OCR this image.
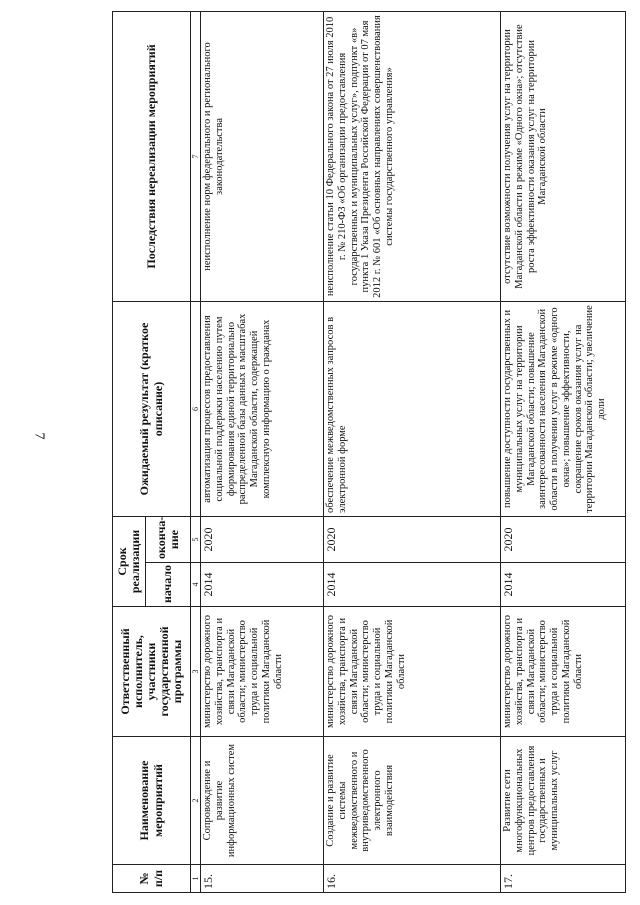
7
№ п/п	Наименование мероприятий	Ответственный исполнитель, участники государственной программы	Срок реализации		Ожидаемый результат (краткое описание)	Последствия нереализации мероприятий
			начало	оконча-ние		
1	2	3	4	5	6	7
15.	Сопровождение и развитие информационных систем	министерство дорожного хозяйства, транспорта и связи Магаданской области; министерство труда и социальной политики Магаданской области	2014	2020	автоматизация процессов предоставления социальной поддержки населению путем формирования единой территориально распределенной базы данных в масштабах Магаданской области, содержащей комплексную информацию о гражданах	неисполнение норм федерального и регионального законодательства
16.	Создание и развитие системы межведомственного и внутриведомственного электронного взаимодействия	министерство дорожного хозяйства, транспорта и связи Магаданской области; министерство труда и социальной политики Магаданской области	2014	2020	обеспечение межведомственных запросов в электронной форме	неисполнение статьи 10 Федерального закона от 27 июля 2010 г. № 210-ФЗ «Об организации предоставления государственных и муниципальных услуг», подпункт «в» пункта 1 Указа Президента Российской Федерации от 07 мая 2012 г. № 601 «Об основных направлениях совершенствования системы государственного управления»
17.	Развитие сети многофункциональных центров предоставления государственных и муниципальных услуг	министерство дорожного хозяйства, транспорта и связи Магаданской области; министерство труда и социальной политики Магаданской области	2014	2020	повышение доступности государственных и муниципальных услуг на территории Магаданской области; повышение заинтересованности населения Магаданской области в получении услуг в режиме «одного окна»; повышение эффективности, сокращение сроков оказания услуг на территории Магаданской области; увеличение доли	отсутствие возможности получения услуг на территории Магаданской области в режиме «Одного окна»; отсутствие роста эффективности оказания услуг на территории Магаданской области
